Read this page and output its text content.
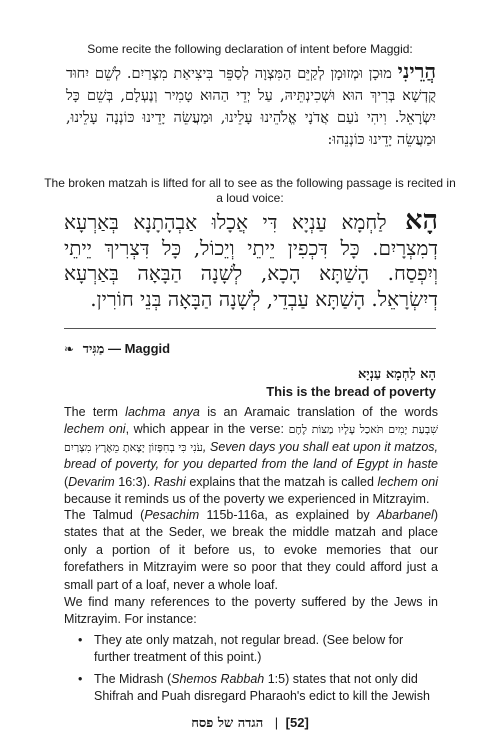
Some recite the following declaration of intent before Maggid:
הֲרֵינִי מוּכָן וּמְזוּמָן לְקַיֵּם הַמִּצְוָה לְסַפֵּר בִּיצִיאַת מִצְרַיִם. לְשֵׁם יִחוּד קֻדְשָׁא בְּרִיךְ הוּא וּשְׁכִינְתֵּיהּ, עַל יְדֵי הַהוּא טָמִיר וְנֶעְלָם, בְּשֵׁם כָּל יִשְׂרָאֵל. וִיהִי נֹעַם אֲדֹנָי אֱלֹהֵינוּ עָלֵינוּ, וּמַעֲשֵׂה יָדֵינוּ כּוֹנְנָה עָלֵינוּ, וּמַעֲשֵׂה יָדֵינוּ כּוֹנְנֵהוּ:
The broken matzah is lifted for all to see as the following passage is recited in a loud voice:
הָא לַחְמָא עַנְיָא דִּי אֲכָלוּ אַבְהָתָנָא בְּאַרְעָא דְמִצְרָיִם. כָּל דִּכְפִין יֵיתֵי וְיֵכוֹל, כָּל דִּצְרִיךְ יֵיתֵי וְיִפְסַח. הָשַׁתָּא הָכָא, לְשָׁנָה הַבָּאָה בְּאַרְעָא דְיִשְׂרָאֵל. הָשַׁתָּא עַבְדֵי, לְשָׁנָה הַבָּאָה בְּנֵי חוֹרִין.
❧ מַגִּיד — Maggid
הָא לַחְמָא עַנְיָא
This is the bread of poverty
The term lachma anya is an Aramaic translation of the words lechem oni, which appear in the verse: שִׁבְעַת יָמִים תֹּאכַל עָלָיו מַצּוֹת לֶחֶם עֹנִי כִּי בְחִפָּזוֹן יָצָאתָ מֵאֶרֶץ מִצְרַיִם, Seven days you shall eat upon it matzos, bread of poverty, for you departed from the land of Egypt in haste (Devarim 16:3). Rashi explains that the matzah is called lechem oni because it reminds us of the poverty we experienced in Mitzrayim.
The Talmud (Pesachim 115b-116a, as explained by Abarbanel) states that at the Seder, we break the middle matzah and place only a portion of it before us, to evoke memories that our forefathers in Mitzrayim were so poor that they could afford just a small part of a loaf, never a whole loaf.
We find many references to the poverty suffered by the Jews in Mitzrayim. For instance:
• They ate only matzah, not regular bread. (See below for further treatment of this point.)
• The Midrash (Shemos Rabbah 1:5) states that not only did Shifrah and Puah disregard Pharaoh's edict to kill the Jewish
הגדה של פסח | [52]
